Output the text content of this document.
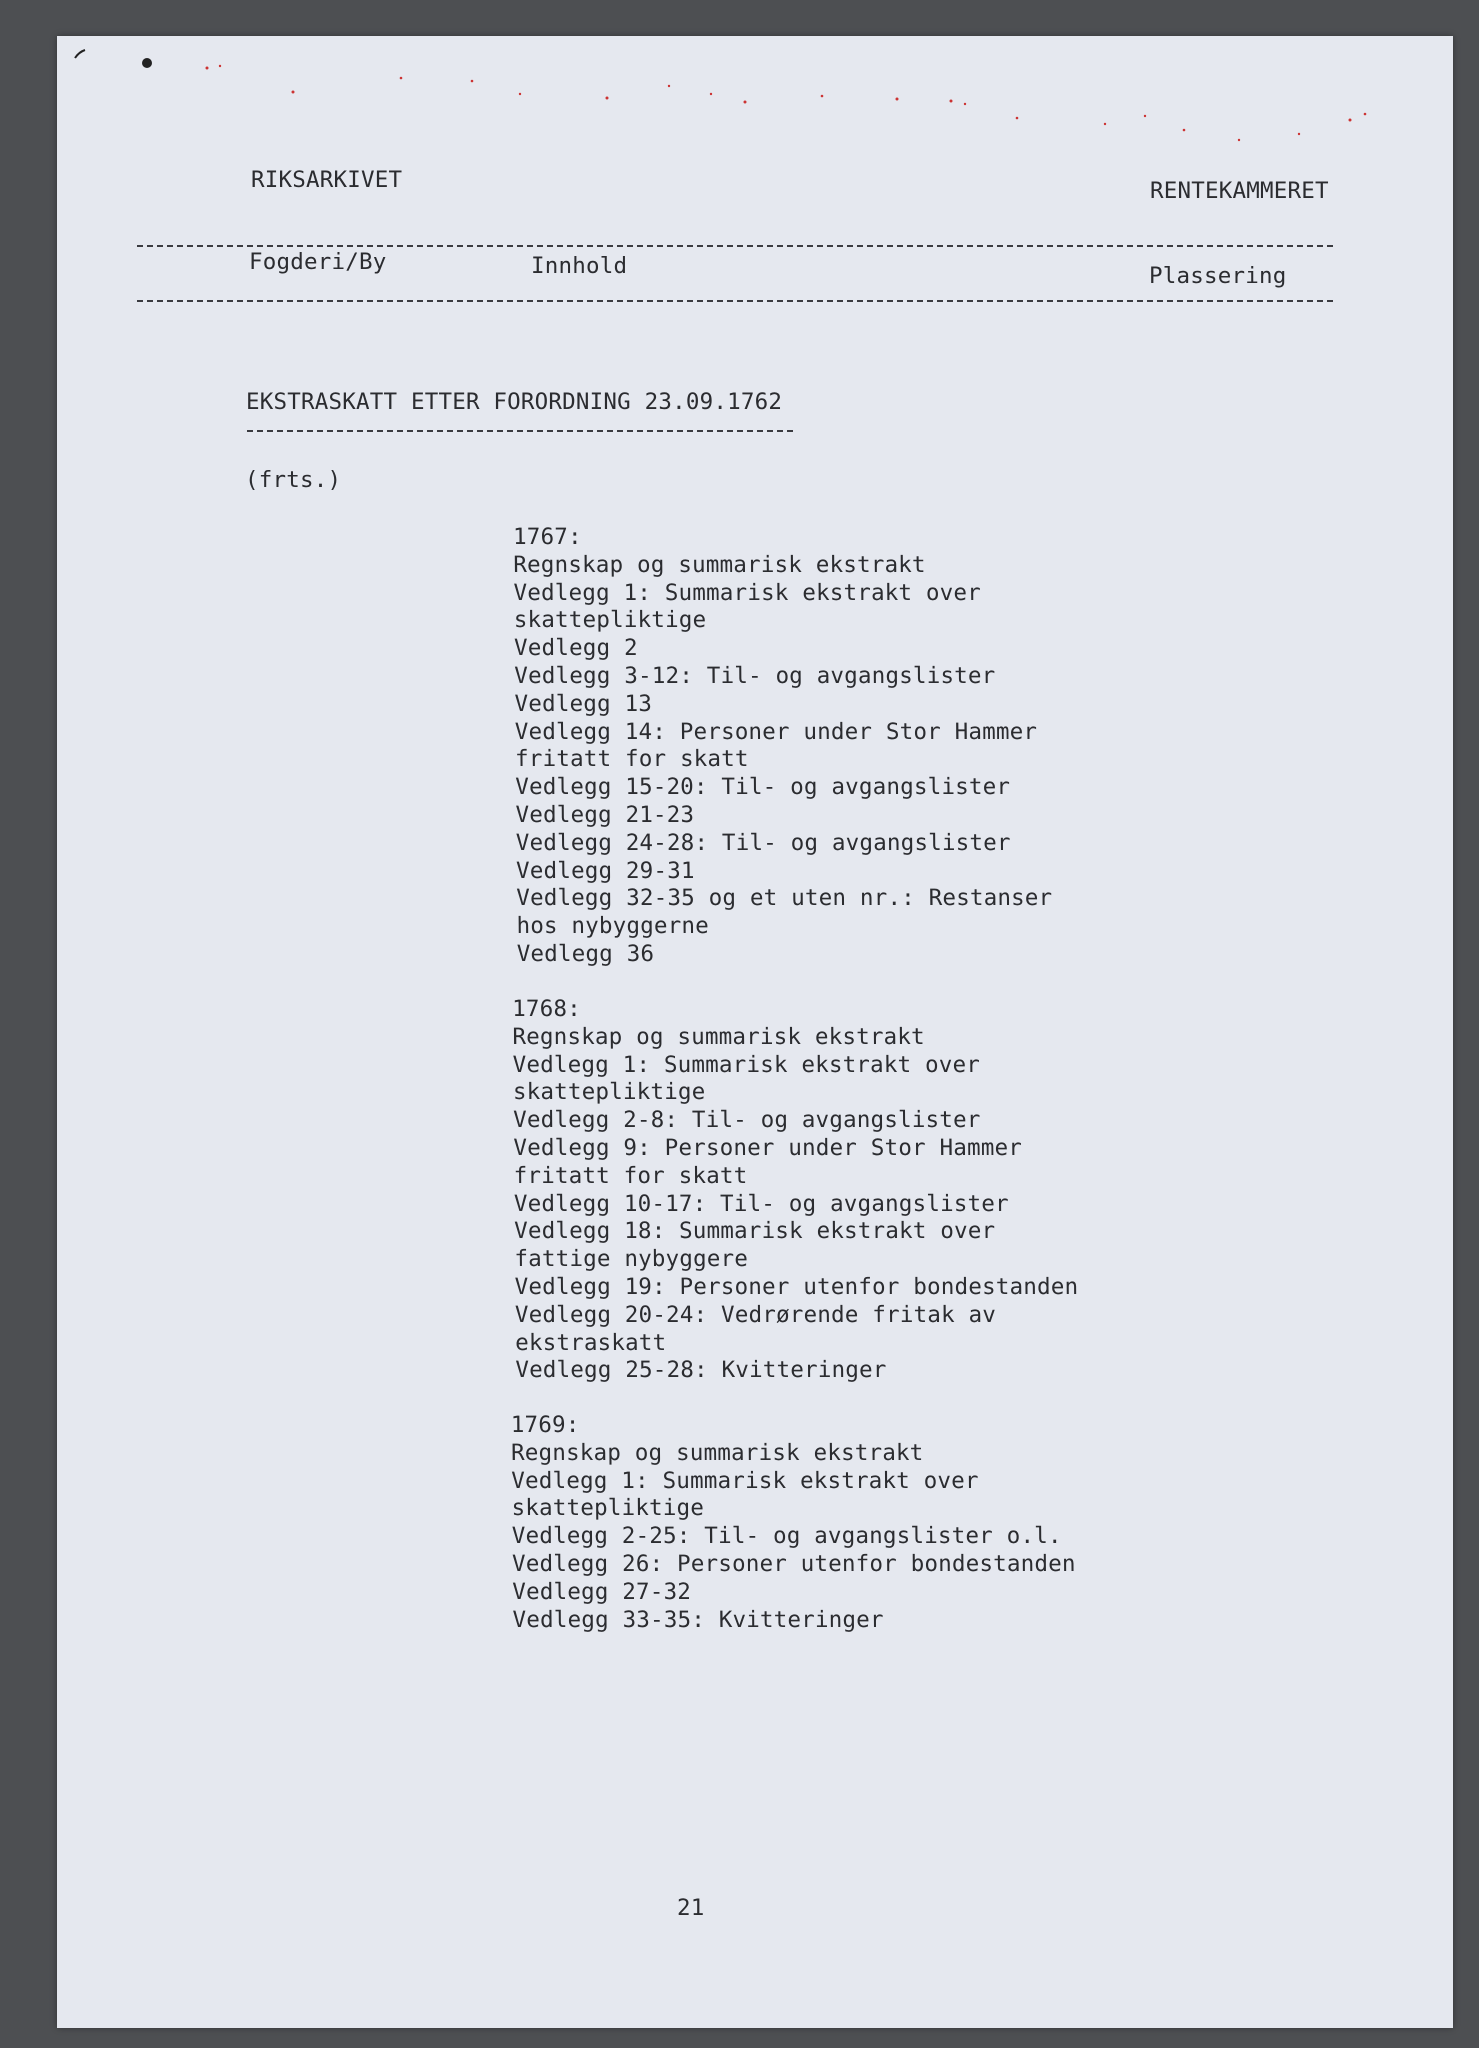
RIKSARKIVET	RENTEKAMMERET
Fogderi/By	Innhold	Plassering
EKSTRASKATT ETTER FORORDNING 23.09.1762
(frts.)
1767:
Regnskap og summarisk ekstrakt
Vedlegg 1: Summarisk ekstrakt over
skattepliktige
Vedlegg 2
Vedlegg 3-12: Til- og avgangslister
Vedlegg 13
Vedlegg 14: Personer under Stor Hammer
fritatt for skatt
Vedlegg 15-20: Til- og avgangslister
Vedlegg 21-23
Vedlegg 24-28: Til- og avgangslister
Vedlegg 29-31
Vedlegg 32-35 og et uten nr.: Restanser
hos nybyggerne
Vedlegg 36
1768:
Regnskap og summarisk ekstrakt
Vedlegg 1: Summarisk ekstrakt over
skattepliktige
Vedlegg 2-8: Til- og avgangslister
Vedlegg 9: Personer under Stor Hammer
fritatt for skatt
Vedlegg 10-17: Til- og avgangslister
Vedlegg 18: Summarisk ekstrakt over
fattige nybyggere
Vedlegg 19: Personer utenfor bondestanden
Vedlegg 20-24: Vedrørende fritak av
ekstraskatt
Vedlegg 25-28: Kvitteringer
1769:
Regnskap og summarisk ekstrakt
Vedlegg 1: Summarisk ekstrakt over
skattepliktige
Vedlegg 2-25: Til- og avgangslister o.l.
Vedlegg 26: Personer utenfor bondestanden
Vedlegg 27-32
Vedlegg 33-35: Kvitteringer
21
